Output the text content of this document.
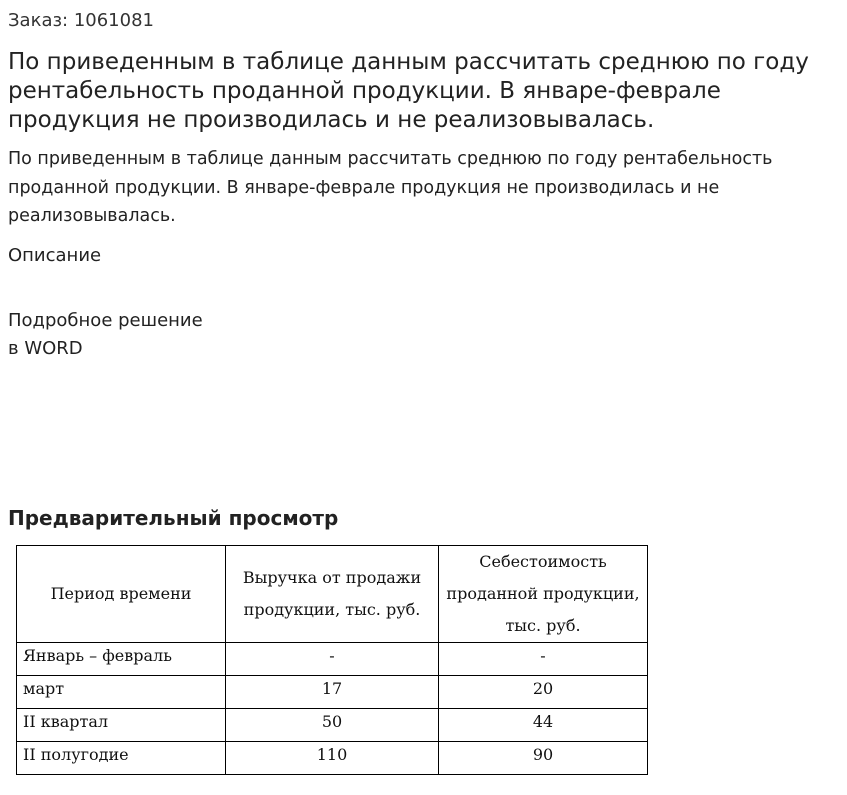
Заказ: 1061081
По приведенным в таблице данным рассчитать среднюю по году рентабельность проданной продукции. В январе-феврале продукция не производилась и не реализовывалась.
По приведенным в таблице данным рассчитать среднюю по году рентабельность проданной продукции. В январе-феврале продукция не производилась и не реализовывалась.
Описание
Подробное решение
в WORD
Предварительный просмотр
Период времени	Выручка от продажи продукции, тыс. руб.	Себестоимость проданной продукции, тыс. руб.

Январь – февраль	-	-
март	17	20
II квартал	50	44
II полугодие	110	90
